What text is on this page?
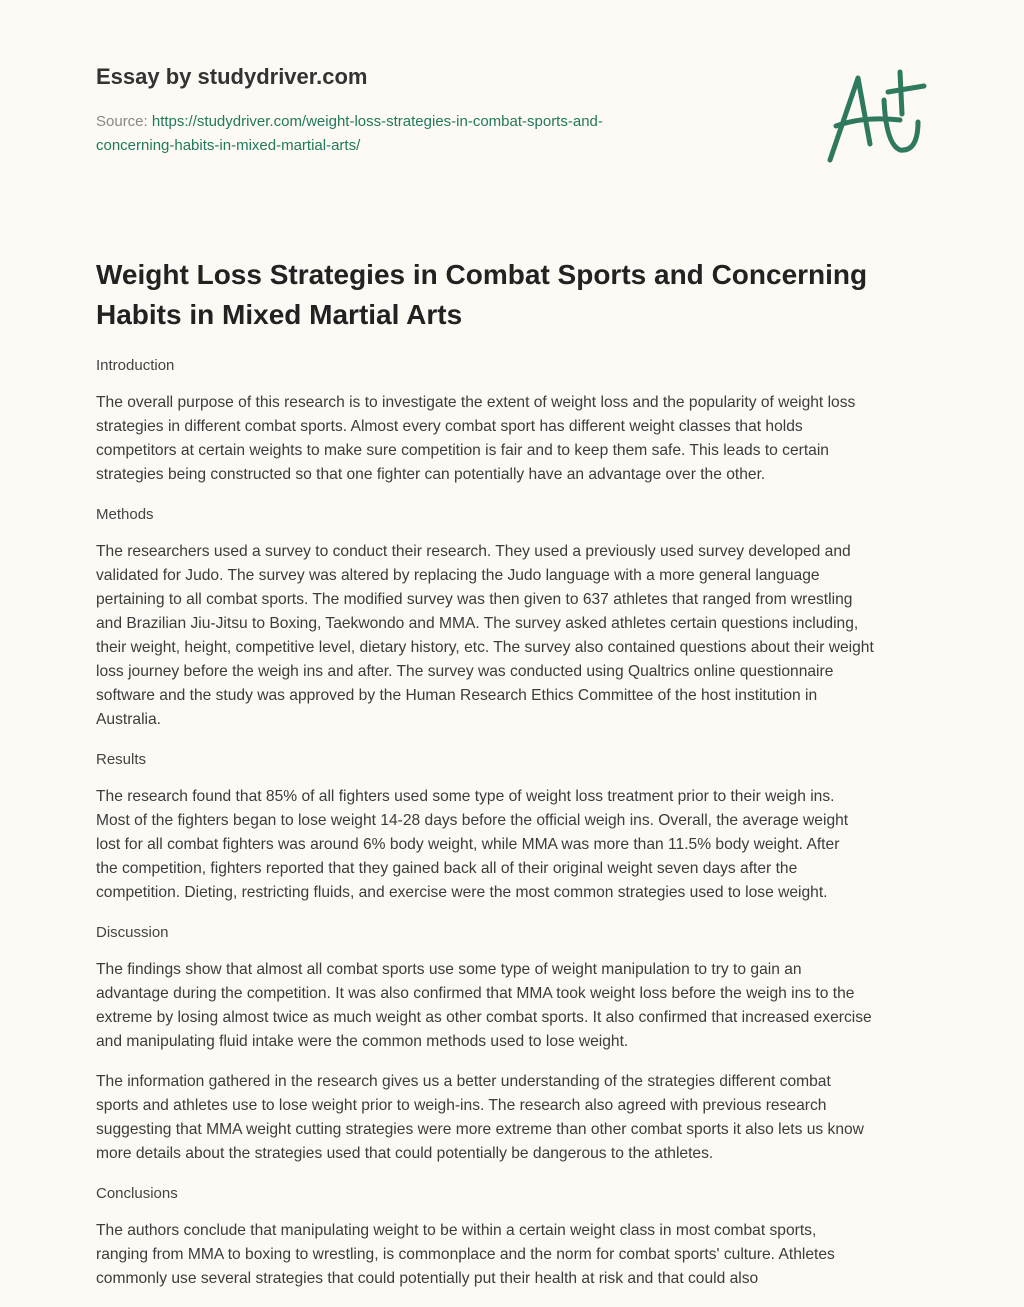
Essay by studydriver.com
Source: https://studydriver.com/weight-loss-strategies-in-combat-sports-and-
concerning-habits-in-mixed-martial-arts/
Weight Loss Strategies in Combat Sports and Concerning Habits in Mixed Martial Arts
Introduction
The overall purpose of this research is to investigate the extent of weight loss and the popularity of weight loss
strategies in different combat sports. Almost every combat sport has different weight classes that holds
competitors at certain weights to make sure competition is fair and to keep them safe. This leads to certain
strategies being constructed so that one fighter can potentially have an advantage over the other.
Methods
The researchers used a survey to conduct their research. They used a previously used survey developed and
validated for Judo. The survey was altered by replacing the Judo language with a more general language
pertaining to all combat sports. The modified survey was then given to 637 athletes that ranged from wrestling
and Brazilian Jiu-Jitsu to Boxing, Taekwondo and MMA. The survey asked athletes certain questions including,
their weight, height, competitive level, dietary history, etc. The survey also contained questions about their weight
loss journey before the weigh ins and after. The survey was conducted using Qualtrics online questionnaire
software and the study was approved by the Human Research Ethics Committee of the host institution in
Australia.
Results
The research found that 85% of all fighters used some type of weight loss treatment prior to their weigh ins.
Most of the fighters began to lose weight 14-28 days before the official weigh ins. Overall, the average weight
lost for all combat fighters was around 6% body weight, while MMA was more than 11.5% body weight. After
the competition, fighters reported that they gained back all of their original weight seven days after the
competition. Dieting, restricting fluids, and exercise were the most common strategies used to lose weight.
Discussion
The findings show that almost all combat sports use some type of weight manipulation to try to gain an
advantage during the competition. It was also confirmed that MMA took weight loss before the weigh ins to the
extreme by losing almost twice as much weight as other combat sports. It also confirmed that increased exercise
and manipulating fluid intake were the common methods used to lose weight.
The information gathered in the research gives us a better understanding of the strategies different combat
sports and athletes use to lose weight prior to weigh-ins. The research also agreed with previous research
suggesting that MMA weight cutting strategies were more extreme than other combat sports it also lets us know
more details about the strategies used that could potentially be dangerous to the athletes.
Conclusions
The authors conclude that manipulating weight to be within a certain weight class in most combat sports,
ranging from MMA to boxing to wrestling, is commonplace and the norm for combat sports' culture. Athletes
commonly use several strategies that could potentially put their health at risk and that could also
